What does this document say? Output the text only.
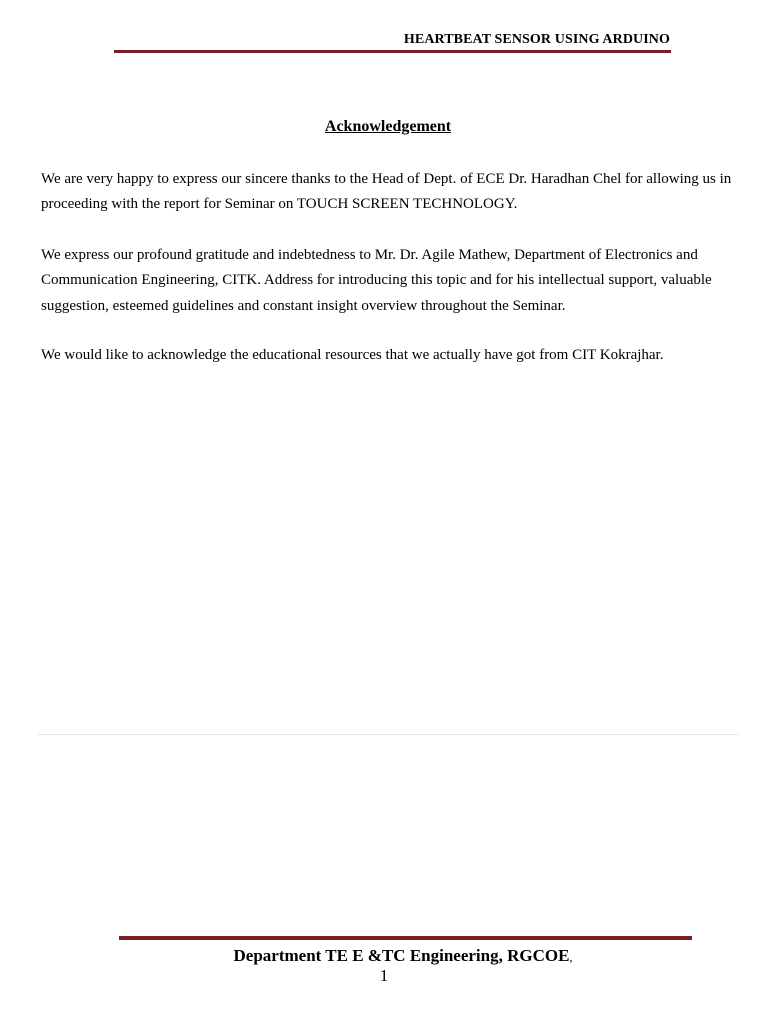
HEARTBEAT SENSOR USING ARDUINO
Acknowledgement

We are very happy to express our sincere thanks to the Head of Dept. of ECE Dr. Haradhan Chel for allowing us in proceeding with the report for Seminar on TOUCH SCREEN TECHNOLOGY.

We express our profound gratitude and indebtedness to Mr. Dr. Agile Mathew, Department of Electronics and Communication Engineering, CITK. Address for introducing this topic and for his intellectual support, valuable suggestion, esteemed guidelines and constant insight overview throughout the Seminar.

We would like to acknowledge the educational resources that we actually have got from CIT Kokrajhar.

Department TE E &TC Engineering, RGCOE,
1
